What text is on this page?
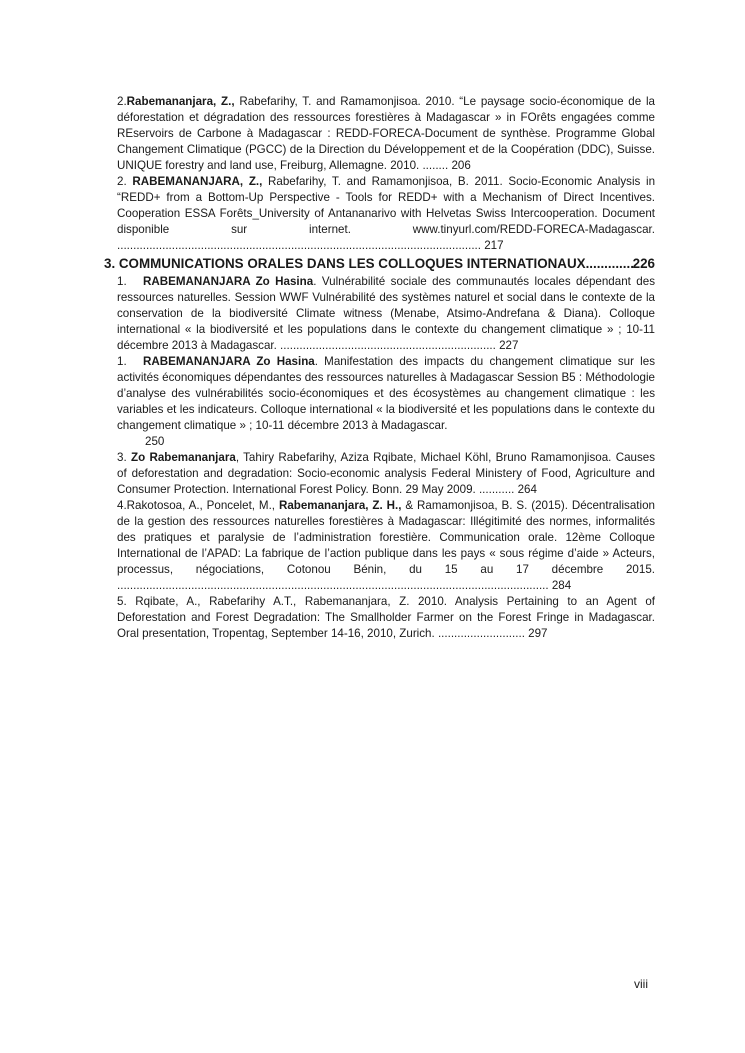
2.Rabemananjara, Z., Rabefarihy, T. and Ramamonjisoa. 2010. “Le paysage socio-économique de la déforestation et dégradation des ressources forestières à Madagascar » in FOrêts engagées comme REservoirs de Carbone à Madagascar : REDD-FORECA-Document de synthèse. Programme Global Changement Climatique (PGCC) de la Direction du Développement et de la Coopération (DDC), Suisse. UNIQUE forestry and land use, Freiburg, Allemagne. 2010. ........ 206
2. RABEMANANJARA, Z., Rabefarihy, T. and Ramamonjisoa, B. 2011. Socio-Economic Analysis in “REDD+ from a Bottom-Up Perspective - Tools for REDD+ with a Mechanism of Direct Incentives. Cooperation ESSA Forêts_University of Antananarivo with Helvetas Swiss Intercooperation. Document disponible sur internet. www.tinyurl.com/REDD-FORECA-Madagascar. ................................................................................................................. 217
3. COMMUNICATIONS ORALES DANS LES COLLOQUES INTERNATIONAUX .....	226
1. RABEMANANJARA Zo Hasina. Vulnérabilité sociale des communautés locales dépendant des ressources naturelles. Session WWF Vulnérabilité des systèmes naturel et social dans le contexte de la conservation de la biodiversité Climate witness (Menabe, Atsimo-Andrefana & Diana). Colloque international « la biodiversité et les populations dans le contexte du changement climatique » ; 10-11 décembre 2013 à Madagascar. ................................................................... 227
1. RABEMANANJARA Zo Hasina. Manifestation des impacts du changement climatique sur les activités économiques dépendantes des ressources naturelles à Madagascar Session B5 : Méthodologie d’analyse des vulnérabilités socio-économiques et des écosystèmes au changement climatique : les variables et les indicateurs. Colloque international « la biodiversité et les populations dans le contexte du changement climatique » ; 10-11 décembre 2013 à Madagascar.
250
3. Zo Rabemananjara, Tahiry Rabefarihy, Aziza Rqibate, Michael Köhl, Bruno Ramamonjisoa. Causes of deforestation and degradation: Socio-economic analysis Federal Ministery of Food, Agriculture and Consumer Protection. International Forest Policy. Bonn. 29 May 2009. ........... 264
4.Rakotosoa, A., Poncelet, M., Rabemananjara, Z. H., & Ramamonjisoa, B. S. (2015). Décentralisation de la gestion des ressources naturelles forestières à Madagascar: Illégitimité des normes, informalités des pratiques et paralysie de l’administration forestière. Communication orale. 12ème Colloque International de l’APAD: La fabrique de l’action publique dans les pays « sous régime d’aide » Acteurs, processus, négociations, Cotonou Bénin, du 15 au 17 décembre 2015. ...................................................................................................................................... 284
5. Rqibate, A., Rabefarihy A.T., Rabemananjara, Z. 2010. Analysis Pertaining to an Agent of Deforestation and Forest Degradation: The Smallholder Farmer on the Forest Fringe in Madagascar. Oral presentation, Tropentag, September 14-16, 2010, Zurich. ........................... 297
viii
